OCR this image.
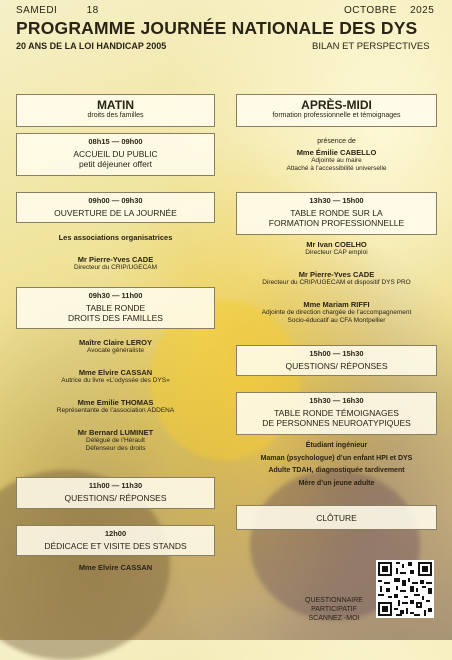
SAMEDI	18	OCTOBRE 2025
PROGRAMME JOURNÉE NATIONALE DES DYS
20 ANS DE LA LOI HANDICAP 2005	BILAN ET PERSPECTIVES
MATIN
droits des familles
08h15 — 09h00
ACCUEIL DU PUBLIC
petit déjeuner offert
09h00 — 09h30
OUVERTURE DE LA JOURNÉE
Les associations organisatrices
Mr Pierre-Yves CADE
Directeur du CRIP/UGECAM
09h30 — 11h00
TABLE RONDE
DROITS DES FAMILLES
Maître Claire LEROY
Avocate généraliste
Mme Elvire CASSAN
Autrice du livre «L’odyssée des DYS»
Mme Emilie THOMAS
Représentante de l’association ADDENA
Mr Bernard LUMINET
Délégué de l’Hérault
Défenseur des droits
11h00 — 11h30
QUESTIONS/ RÉPONSES
12h00
DÉDICACE ET VISITE DES STANDS
Mme Elvire CASSAN
APRÈS-MIDI
formation professionnelle et témoignages
présence de
Mme Émilie CABELLO
Adjointe au maire
Attaché à l’accessibilité universelle
13h30 — 15h00
TABLE RONDE SUR LA
FORMATION PROFESSIONNELLE
Mr Ivan COELHO
Directeur CAP emploi
Mr Pierre-Yves CADE
Directeur du CRIP/UGECAM et dispositif DYS PRO
Mme Mariam RIFFI
Adjointe de direction chargée de l’accompagnement
Socio-éducatif au CFA Montpellier
15h00 — 15h30
QUESTIONS/ RÉPONSES
15h30 — 16h30
TABLE RONDE TÉMOIGNAGES
DE PERSONNES NEUROATYPIQUES
Étudiant ingénieur
Maman (psychologue) d’un enfant HPI et DYS
Adulte TDAH, diagnostiquée tardivement
Mère d’un jeune adulte
CLÔTURE
QUESTIONNAIRE
PARTICIPATIF
SCANNEZ -MOI
